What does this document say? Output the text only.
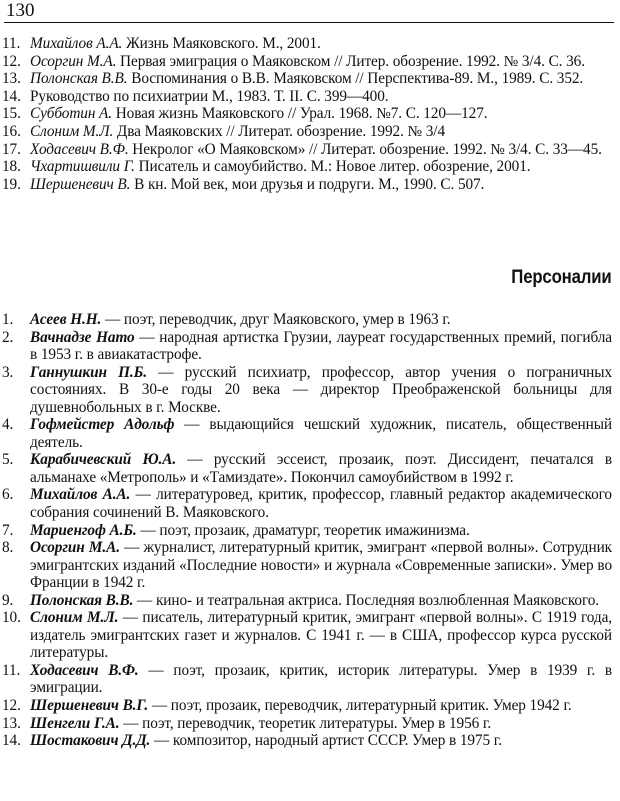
130
11. Михайлов А.А. Жизнь Маяковского. М., 2001.
12. Осоргин М.А. Первая эмиграция о Маяковском // Литер. обозрение. 1992. № 3/4. С. 36.
13. Полонская В.В. Воспоминания о В.В. Маяковском // Перспектива-89. М., 1989. С. 352.
14. Руководство по психиатрии М., 1983. Т. II. С. 399—400.
15. Субботин А. Новая жизнь Маяковского // Урал. 1968. №7. С. 120—127.
16. Слоним М.Л. Два Маяковских // Литерат. обозрение. 1992. № 3/4
17. Ходасевич В.Ф. Некролог «О Маяковском» // Литерат. обозрение. 1992. № 3/4. С. 33—45.
18. Чхартишвили Г. Писатель и самоубийство. М.: Новое литер. обозрение, 2001.
19. Шершеневич В. В кн. Мой век, мои друзья и подруги. М., 1990. С. 507.
Персоналии
1. Асеев Н.Н. — поэт, переводчик, друг Маяковского, умер в 1963 г.
2. Вачнадзе Нато — народная артистка Грузии, лауреат государственных премий, погибла в 1953 г. в авиакатастрофе.
3. Ганнушкин П.Б. — русский психиатр, профессор, автор учения о пограничных состояниях. В 30-е годы 20 века — директор Преображенской больницы для душевнобольных в г. Москве.
4. Гофмейстер Адольф — выдающийся чешский художник, писатель, общественный деятель.
5. Карабичевский Ю.А. — русский эссеист, прозаик, поэт. Диссидент, печатался в альманахе «Метрополь» и «Тамиздате». Покончил самоубийством в 1992 г.
6. Михайлов А.А. — литературовед, критик, профессор, главный редактор академического собрания сочинений В. Маяковского.
7. Мариенгоф А.Б. — поэт, прозаик, драматург, теоретик имажинизма.
8. Осоргин М.А. — журналист, литературный критик, эмигрант «первой волны». Сотрудник эмигрантских изданий «Последние новости» и журнала «Современные записки». Умер во Франции в 1942 г.
9. Полонская В.В. — кино- и театральная актриса. Последняя возлюбленная Маяковского.
10. Слоним М.Л. — писатель, литературный критик, эмигрант «первой волны». С 1919 года, издатель эмигрантских газет и журналов. С 1941 г. — в США, профессор курса русской литературы.
11. Ходасевич В.Ф. — поэт, прозаик, критик, историк литературы. Умер в 1939 г. в эмиграции.
12. Шершеневич В.Г. — поэт, прозаик, переводчик, литературный критик. Умер 1942 г.
13. Шенгели Г.А. — поэт, переводчик, теоретик литературы. Умер в 1956 г.
14. Шостакович Д.Д. — композитор, народный артист СССР. Умер в 1975 г.
